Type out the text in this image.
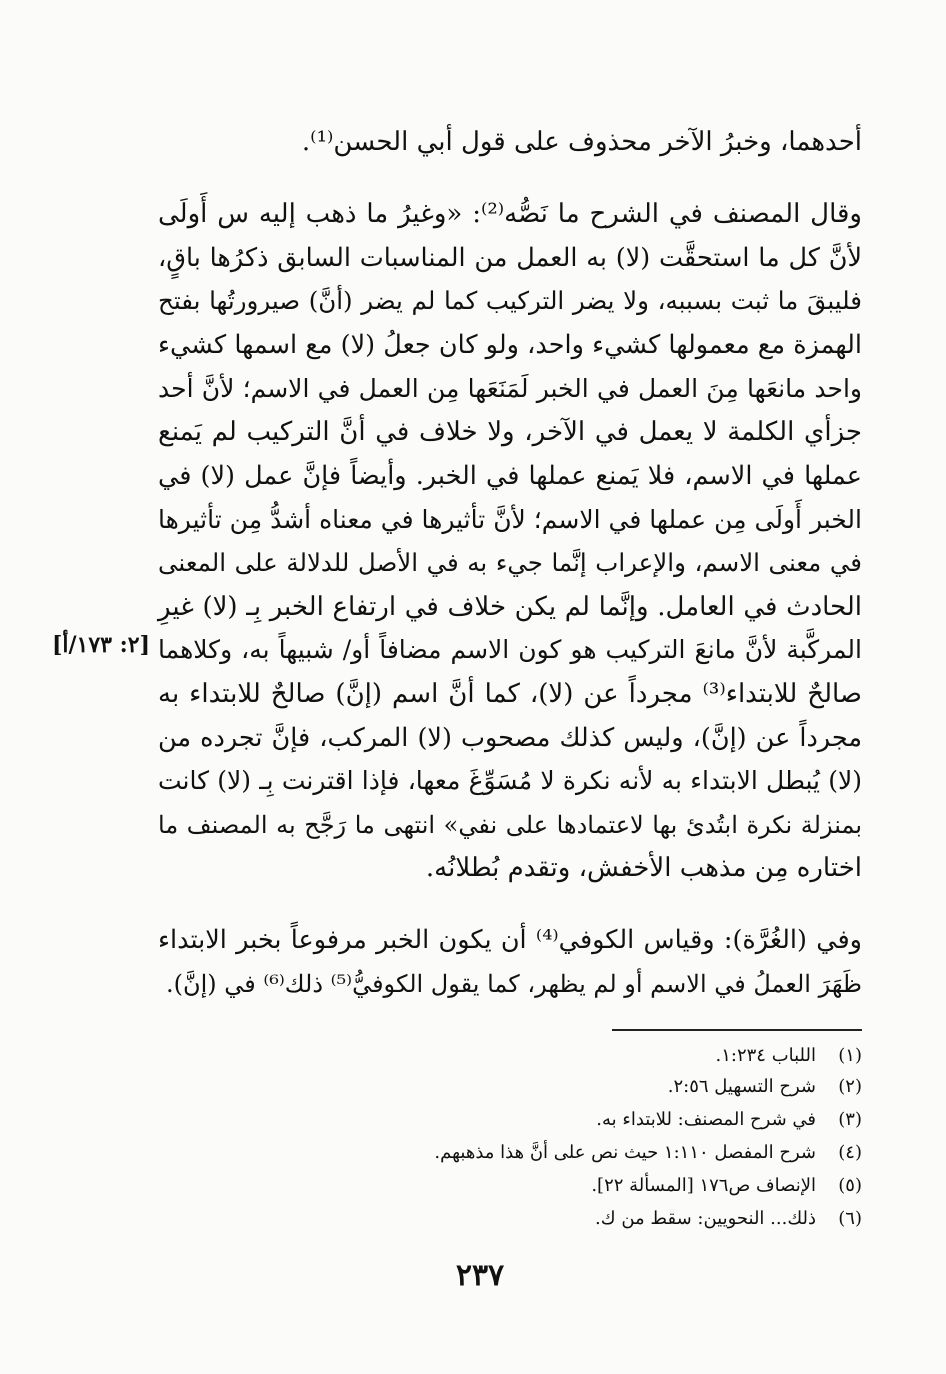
أحدهما، وخبرُ الآخر محذوف على قول أبي الحسن⁽¹⁾.
وقال المصنف في الشرح ما نَصُّه⁽²⁾: «وغيرُ ما ذهب إليه س أَولَى
لأنَّ كل ما استحقَّت (لا) به العمل من المناسبات السابق ذكرُها باقٍ،
فليبقَ ما ثبت بسببه، ولا يضر التركيب كما لم يضر (أنَّ) صيرورتُها بفتح
الهمزة مع معمولها كشيء واحد، ولو كان جعلُ (لا) مع اسمها كشيء
واحد مانعَها مِنَ العمل في الخبر لَمَنَعَها مِن العمل في الاسم؛ لأنَّ أحد
جزأي الكلمة لا يعمل في الآخر، ولا خلاف في أنَّ التركيب لم يَمنع
عملها في الاسم، فلا يَمنع عملها في الخبر. وأيضاً فإنَّ عمل (لا) في
الخبر أَولَى مِن عملها في الاسم؛ لأنَّ تأثيرها في معناه أشدُّ مِن تأثيرها
في معنى الاسم، والإعراب إنَّما جيء به في الأصل للدلالة على المعنى
الحادث في العامل. وإنَّما لم يكن خلاف في ارتفاع الخبر بِـ (لا) غيرِ
المركَّبة لأنَّ مانعَ التركيب هو كون الاسم مضافاً أو/ شبيهاً به، وكلاهما
صالحٌ للابتداء⁽³⁾ مجرداً عن (لا)، كما أنَّ اسم (إنَّ) صالحٌ للابتداء به
مجرداً عن (إنَّ)، وليس كذلك مصحوب (لا) المركب، فإنَّ تجرده من
(لا) يُبطل الابتداء به لأنه نكرة لا مُسَوِّغَ معها، فإذا اقترنت بِـ (لا) كانت
بمنزلة نكرة ابتُدئ بها لاعتمادها على نفي» انتهى ما رَجَّح به المصنف ما
اختاره مِن مذهب الأخفش، وتقدم بُطلانُه.
[٢: ١٧٣/أ]
وفي (الغُرَّة): وقياس الكوفي⁽⁴⁾ أن يكون الخبر مرفوعاً بخبر الابتداء
ظَهَرَ العملُ في الاسم أو لم يظهر، كما يقول الكوفيُّ⁽⁵⁾ ذلك⁽⁶⁾ في (إنَّ).
(١)اللباب ١:٢٣٤.
(٢)شرح التسهيل ٢:٥٦.
(٣)في شرح المصنف: للابتداء به.
(٤)شرح المفصل ١:١١٠ حيث نص على أنَّ هذا مذهبهم.
(٥)الإنصاف ص١٧٦ [المسألة ٢٢].
(٦)ذلك... النحويين: سقط من ك.
٢٣٧
